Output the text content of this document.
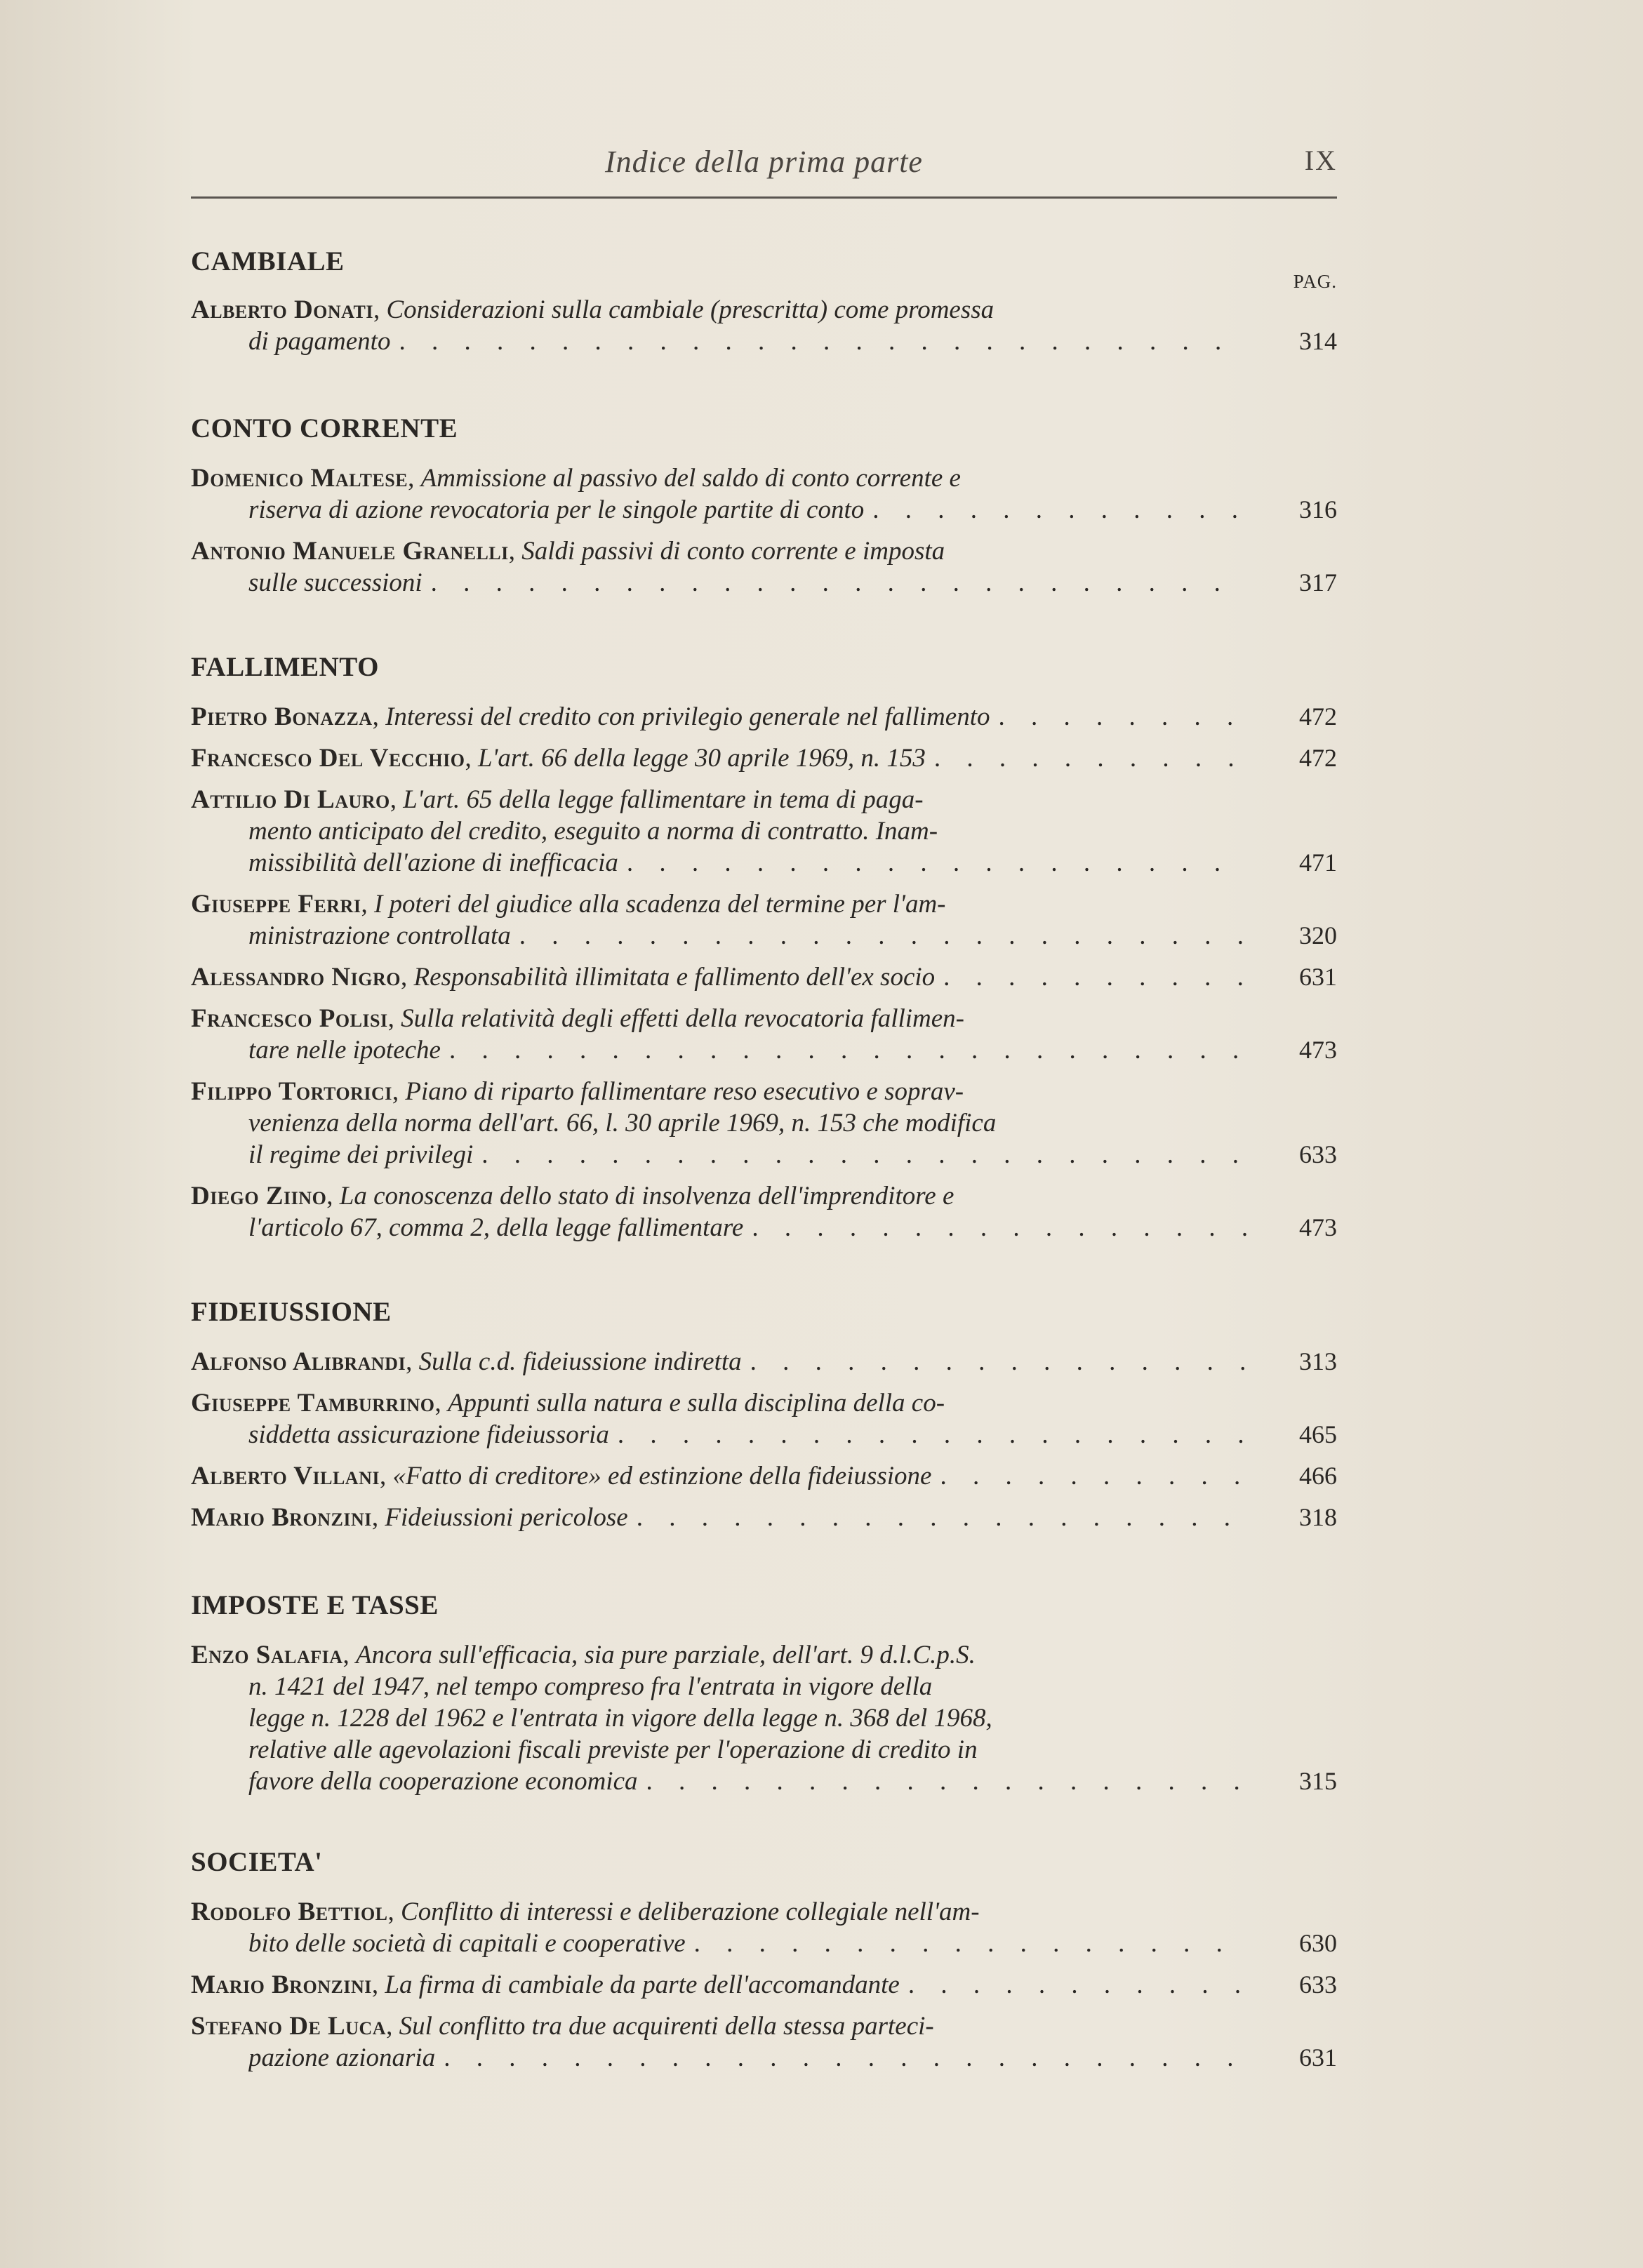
Indice della prima parte	IX
CAMBIALE
PAG.
Alberto Donati , Considerazioni sulla cambiale (prescritta) come promessa
di pagamento . . .	314
CONTO CORRENTE
Domenico Maltese , Ammissione al passivo del saldo di conto corrente e
riserva di azione revocatoria per le singole partite di conto . . .	316
Antonio Manuele Granelli , Saldi passivi di conto corrente e imposta
sulle successioni . . .	317
FALLIMENTO
Pietro Bonazza , Interessi del credito con privilegio generale nel fallimento . . .	472
Francesco Del Vecchio , L'art. 66 della legge 30 aprile 1969, n. 153 . . .	472
Attilio Di Lauro , L'art. 65 della legge fallimentare in tema di paga-
mento anticipato del credito, eseguito a norma di contratto. Inam-
missibilità dell'azione di inefficacia . . .	471
Giuseppe Ferri , I poteri del giudice alla scadenza del termine per l'am-
ministrazione controllata . . .	320
Alessandro Nigro , Responsabilità illimitata e fallimento dell'ex socio . . .	631
Francesco Polisi , Sulla relatività degli effetti della revocatoria fallimen-
tare nelle ipoteche . . .	473
Filippo Tortorici , Piano di riparto fallimentare reso esecutivo e soprav-
venienza della norma dell'art. 66, l. 30 aprile 1969, n. 153 che modifica
il regime dei privilegi . . .	633
Diego Ziino , La conoscenza dello stato di insolvenza dell'imprenditore e
l'articolo 67, comma 2, della legge fallimentare . . .	473
FIDEIUSSIONE
Alfonso Alibrandi , Sulla c.d. fideiussione indiretta . . .	313
Giuseppe Tamburrino , Appunti sulla natura e sulla disciplina della co-
siddetta assicurazione fideiussoria . . .	465
Alberto Villani , «Fatto di creditore» ed estinzione della fideiussione . . .	466
Mario Bronzini , Fideiussioni pericolose . . .	318
IMPOSTE E TASSE
Enzo Salafia , Ancora sull'efficacia, sia pure parziale, dell'art. 9 d.l.C.p.S.
n. 1421 del 1947, nel tempo compreso fra l'entrata in vigore della
legge n. 1228 del 1962 e l'entrata in vigore della legge n. 368 del 1968,
relative alle agevolazioni fiscali previste per l'operazione di credito in
favore della cooperazione economica . . .	315
SOCIETA'
Rodolfo Bettiol , Conflitto di interessi e deliberazione collegiale nell'am-
bito delle società di capitali e cooperative . . .	630
Mario Bronzini , La firma di cambiale da parte dell'accomandante . . .	633
Stefano De Luca , Sul conflitto tra due acquirenti della stessa parteci-
pazione azionaria . . .	631
